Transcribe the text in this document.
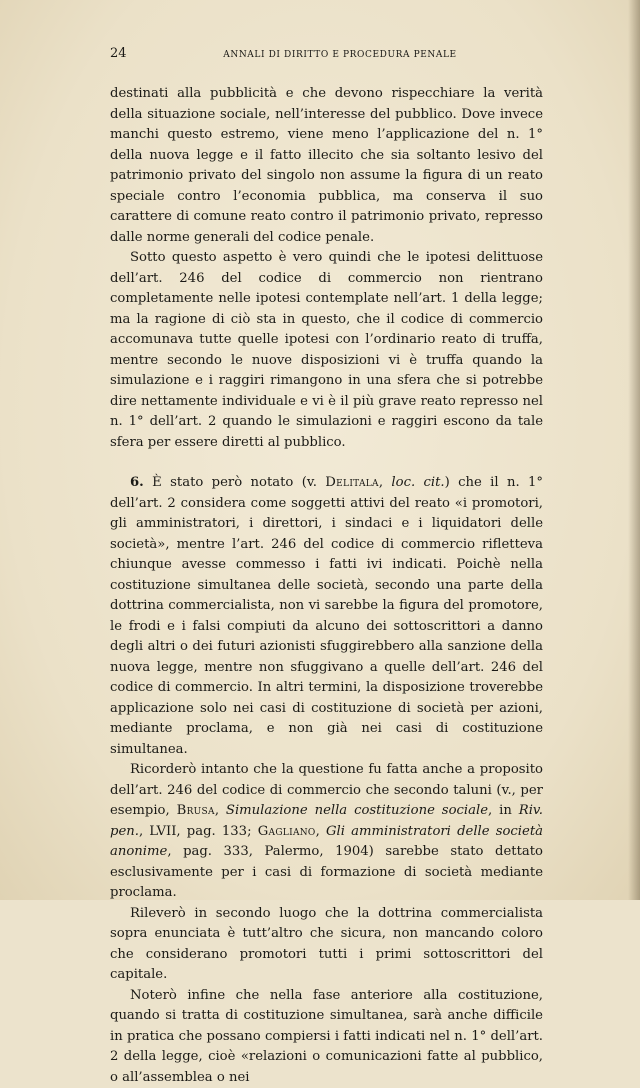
24	ANNALI DI DIRITTO E PROCEDURA PENALE

destinati alla pubblicità e che devono rispecchiare la verità della situazione sociale, nell’interesse del pubblico. Dove invece manchi questo estremo, viene meno l’applicazione del n. 1° della nuova legge e il fatto illecito che sia soltanto lesivo del patrimonio privato del singolo non assume la figura di un reato speciale contro l’economia pubblica, ma conserva il suo carattere di comune reato contro il patrimonio privato, represso dalle norme generali del codice penale.

Sotto questo aspetto è vero quindi che le ipotesi delittuose dell’art. 246 del codice di commercio non rientrano completamente nelle ipotesi contemplate nell’art. 1 della legge; ma la ragione di ciò sta in questo, che il codice di commercio accomunava tutte quelle ipotesi con l’ordinario reato di truffa, mentre secondo le nuove disposizioni vi è truffa quando la simulazione e i raggiri rimangono in una sfera che si potrebbe dire nettamente individuale e vi è il più grave reato represso nel n. 1° dell’art. 2 quando le simulazioni e raggiri escono da tale sfera per essere diretti al pubblico.

6. È stato però notato (v. Delitala, loc. cit.) che il n. 1° dell’art. 2 considera come soggetti attivi del reato «i promotori, gli amministratori, i direttori, i sindaci e i liquidatori delle società», mentre l’art. 246 del codice di commercio rifletteva chiunque avesse commesso i fatti ivi indicati. Poichè nella costituzione simultanea delle società, secondo una parte della dottrina commercialista, non vi sarebbe la figura del promotore, le frodi e i falsi compiuti da alcuno dei sottoscrittori a danno degli altri o dei futuri azionisti sfuggirebbero alla sanzione della nuova legge, mentre non sfuggivano a quelle dell’art. 246 del codice di commercio. In altri termini, la disposizione troverebbe applicazione solo nei casi di costituzione di società per azioni, mediante proclama, e non già nei casi di costituzione simultanea.

Ricorderò intanto che la questione fu fatta anche a proposito dell’art. 246 del codice di commercio che secondo taluni (v., per esempio, Brusa, Simulazione nella costituzione sociale, in Riv. pen., LVII, pag. 133; Gagliano, Gli amministratori delle società anonime, pag. 333, Palermo, 1904) sarebbe stato dettato esclusivamente per i casi di formazione di società mediante proclama.

Rileverò in secondo luogo che la dottrina commercialista sopra enunciata è tutt’altro che sicura, non mancando coloro che considerano promotori tutti i primi sottoscrittori del capitale.

Noterò infine che nella fase anteriore alla costituzione, quando si tratta di costituzione simultanea, sarà anche difficile in pratica che possano compiersi i fatti indicati nel n. 1° dell’art. 2 della legge, cioè «relazioni o comunicazioni fatte al pubblico, o all’assemblea o nei
